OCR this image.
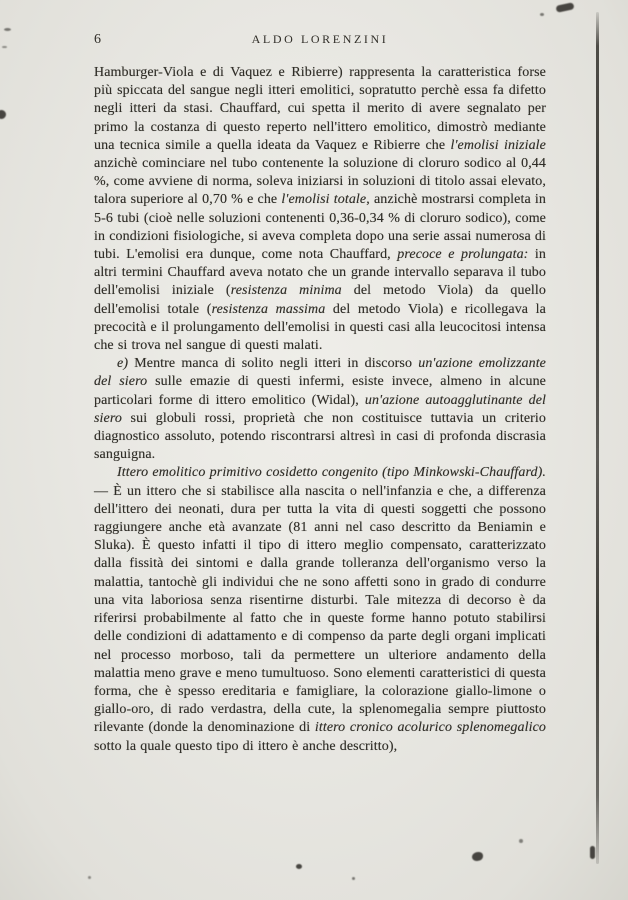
6	ALDO LORENZINI

Hamburger-Viola e di Vaquez e Ribierre) rappresenta la caratteristica forse più spiccata del sangue negli itteri emolitici, sopratutto perchè essa fa difetto negli itteri da stasi. Chauffard, cui spetta il merito di avere segnalato per primo la costanza di questo reperto nell'ittero emolitico, dimostrò mediante una tecnica simile a quella ideata da Vaquez e Ribierre che l'emolisi iniziale anzichè cominciare nel tubo contenente la soluzione di cloruro sodico al 0,44 %, come avviene di norma, soleva iniziarsi in soluzioni di titolo assai elevato, talora superiore al 0,70 % e che l'emolisi totale, anzichè mostrarsi completa in 5-6 tubi (cioè nelle soluzioni contenenti 0,36-0,34 % di cloruro sodico), come in condizioni fisiologiche, si aveva completa dopo una serie assai numerosa di tubi. L'emolisi era dunque, come nota Chauffard, precoce e prolungata: in altri termini Chauffard aveva notato che un grande intervallo separava il tubo dell'emolisi iniziale (resistenza minima del metodo Viola) da quello dell'emolisi totale (resistenza massima del metodo Viola) e ricollegava la precocità e il prolungamento dell'emolisi in questi casi alla leucocitosi intensa che si trova nel sangue di questi malati.

e) Mentre manca di solito negli itteri in discorso un'azione emolizzante del siero sulle emazie di questi infermi, esiste invece, almeno in alcune particolari forme di ittero emolitico (Widal), un'azione autoagglutinante del siero sui globuli rossi, proprietà che non costituisce tuttavia un criterio diagnostico assoluto, potendo riscontrarsi altresì in casi di profonda discrasia sanguigna.

Ittero emolitico primitivo cosidetto congenito (tipo Minkowski-Chauffard). — È un ittero che si stabilisce alla nascita o nell'infanzia e che, a differenza dell'ittero dei neonati, dura per tutta la vita di questi soggetti che possono raggiungere anche età avanzate (81 anni nel caso descritto da Beniamin e Sluka). È questo infatti il tipo di ittero meglio compensato, caratterizzato dalla fissità dei sintomi e dalla grande tolleranza dell'organismo verso la malattia, tantochè gli individui che ne sono affetti sono in grado di condurre una vita laboriosa senza risentirne disturbi. Tale mitezza di decorso è da riferirsi probabilmente al fatto che in queste forme hanno potuto stabilirsi delle condizioni di adattamento e di compenso da parte degli organi implicati nel processo morboso, tali da permettere un ulteriore andamento della malattia meno grave e meno tumultuoso. Sono elementi caratteristici di questa forma, che è spesso ereditaria e famigliare, la colorazione giallo-limone o giallo-oro, di rado verdastra, della cute, la splenomegalia sempre piuttosto rilevante (donde la denominazione di ittero cronico acolurico splenomegalico sotto la quale questo tipo di ittero è anche descritto),
